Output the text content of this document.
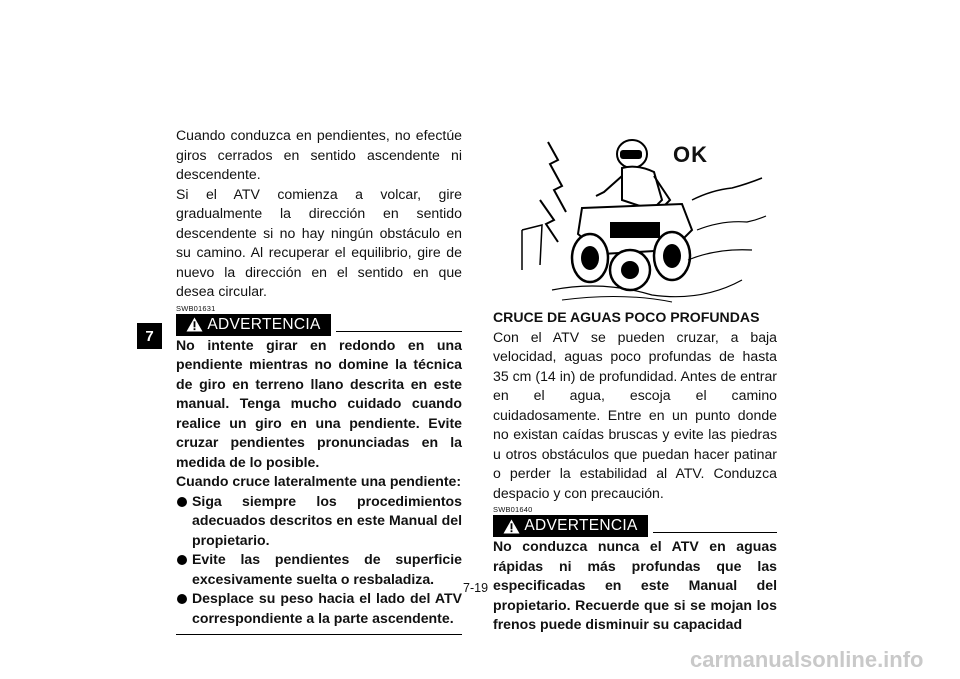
7

Cuando conduzca en pendientes, no efectúe giros cerrados en sentido ascendente ni descendente.

Si el ATV comienza a volcar, gire gradualmente la dirección en sentido descendente si no hay ningún obstáculo en su camino. Al recuperar el equilibrio, gire de nuevo la dirección en el sentido en que desea circular.

SWB01631
ADVERTENCIA

No intente girar en redondo en una pendiente mientras no domine la técnica de giro en terreno llano descrita en este manual. Tenga mucho cuidado cuando realice un giro en una pendiente. Evite cruzar pendientes pronunciadas en la medida de lo posible.

Cuando cruce lateralmente una pendiente:

Siga siempre los procedimientos adecuados descritos en este Manual del propietario.
Evite las pendientes de superficie excesivamente suelta o resbaladiza.
Desplace su peso hacia el lado del ATV correspondiente a la parte ascendente.
OK

CRUCE DE AGUAS POCO PROFUNDAS

Con el ATV se pueden cruzar, a baja velocidad, aguas poco profundas de hasta 35 cm (14 in) de profundidad. Antes de entrar en el agua, escoja el camino cuidadosamente. Entre en un punto donde no existan caídas bruscas y evite las piedras u otros obstáculos que puedan hacer patinar o perder la estabilidad al ATV. Conduzca despacio y con precaución.

SWB01640
ADVERTENCIA

No conduzca nunca el ATV en aguas rápidas ni más profundas que las especificadas en este Manual del propietario. Recuerde que si se mojan los frenos puede disminuir su capacidad

7-19
carmanualsonline.info
